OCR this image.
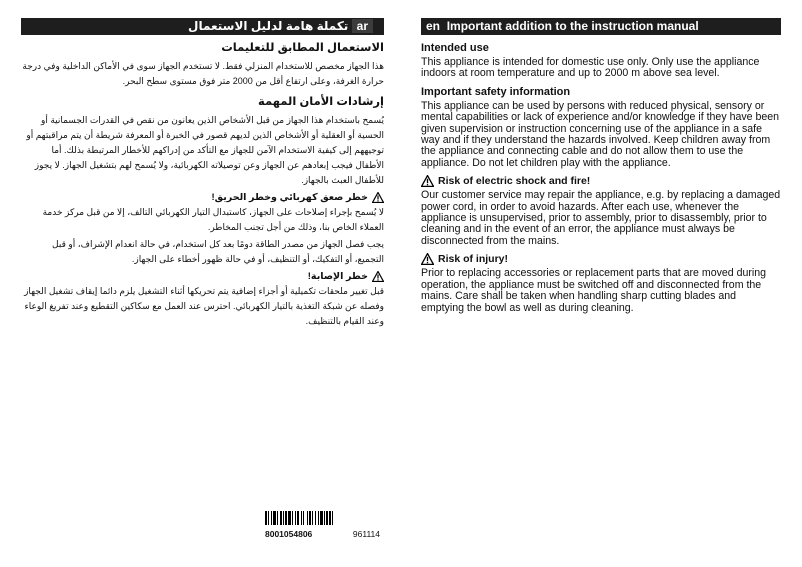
ar تكملة هامة لدليل الاستعمال
الاستعمال المطابق للتعليمات

هذا الجهاز مخصص للاستخدام المنزلي فقط. لا تستخدم الجهاز سوى في الأماكن الداخلية وفي درجة حرارة الغرفة، وعلى ارتفاع أقل من 2000 متر فوق مستوى سطح البحر.

إرشادات الأمان المهمة

يُسمح باستخدام هذا الجهاز من قبل الأشخاص الذين يعانون من نقص في القدرات الجسمانية أو الحسية أو العقلية أو الأشخاص الذين لديهم قصور في الخبرة أو المعرفة شريطة أن يتم مراقبتهم أو توجيههم إلى كيفية الاستخدام الآمن للجهاز مع التأكد من إدراكهم للأخطار المرتبطة بذلك. أما الأطفال فيجب إبعادهم عن الجهاز وعن توصيلاته الكهربائية، ولا يُسمح لهم بتشغيل الجهاز. لا يجوز للأطفال العبث بالجهاز.

خطر صعق كهربائي وخطر الحريق!

لا يُسمح بإجراء إصلاحات على الجهاز، كاستبدال التيار الكهربائي التالف، إلا من قبل مركز خدمة العملاء الخاص بنا، وذلك من أجل تجنب المخاطر.

يجب فصل الجهاز من مصدر الطاقة دومًا بعد كل استخدام، في حالة انعدام الإشراف، أو قبل التجميع، أو التفكيك، أو التنظيف، أو في حالة ظهور أخطاء على الجهاز.

خطر الإصابة!

قبل تغيير ملحقات تكميلية أو أجزاء إضافية يتم تحريكها أثناء التشغيل يلزم دائما إيقاف تشغيل الجهاز وفصله عن شبكة التغذية بالتيار الكهربائي. احترس عند العمل مع سكاكين التقطيع وعند تفريغ الوعاء وعند القيام بالتنظيف.

en Important addition to the instruction manual
Intended use

This appliance is intended for domestic use only. Only use the appliance indoors at room temperature and up to 2000 m above sea level.

Important safety information

This appliance can be used by persons with reduced physical, sensory or mental capabilities or lack of experience and/or knowledge if they have been given supervision or instruction concerning use of the appliance in a safe way and if they understand the hazards involved. Keep children away from the appliance and connecting cable and do not allow them to use the appliance. Do not let children play with the appliance.

Risk of electric shock and fire!

Our customer service may repair the appliance, e.g. by replacing a damaged power cord, in order to avoid hazards. After each use, whenever the appliance is unsupervised, prior to assembly, prior to disassembly, prior to cleaning and in the event of an error, the appliance must always be disconnected from the mains.

Risk of injury!

Prior to replacing accessories or replacement parts that are moved during operation, the appliance must be switched off and disconnected from the mains. Care shall be taken when handling sharp cutting blades and emptying the bowl as well as during cleaning.

8001054806	961114
